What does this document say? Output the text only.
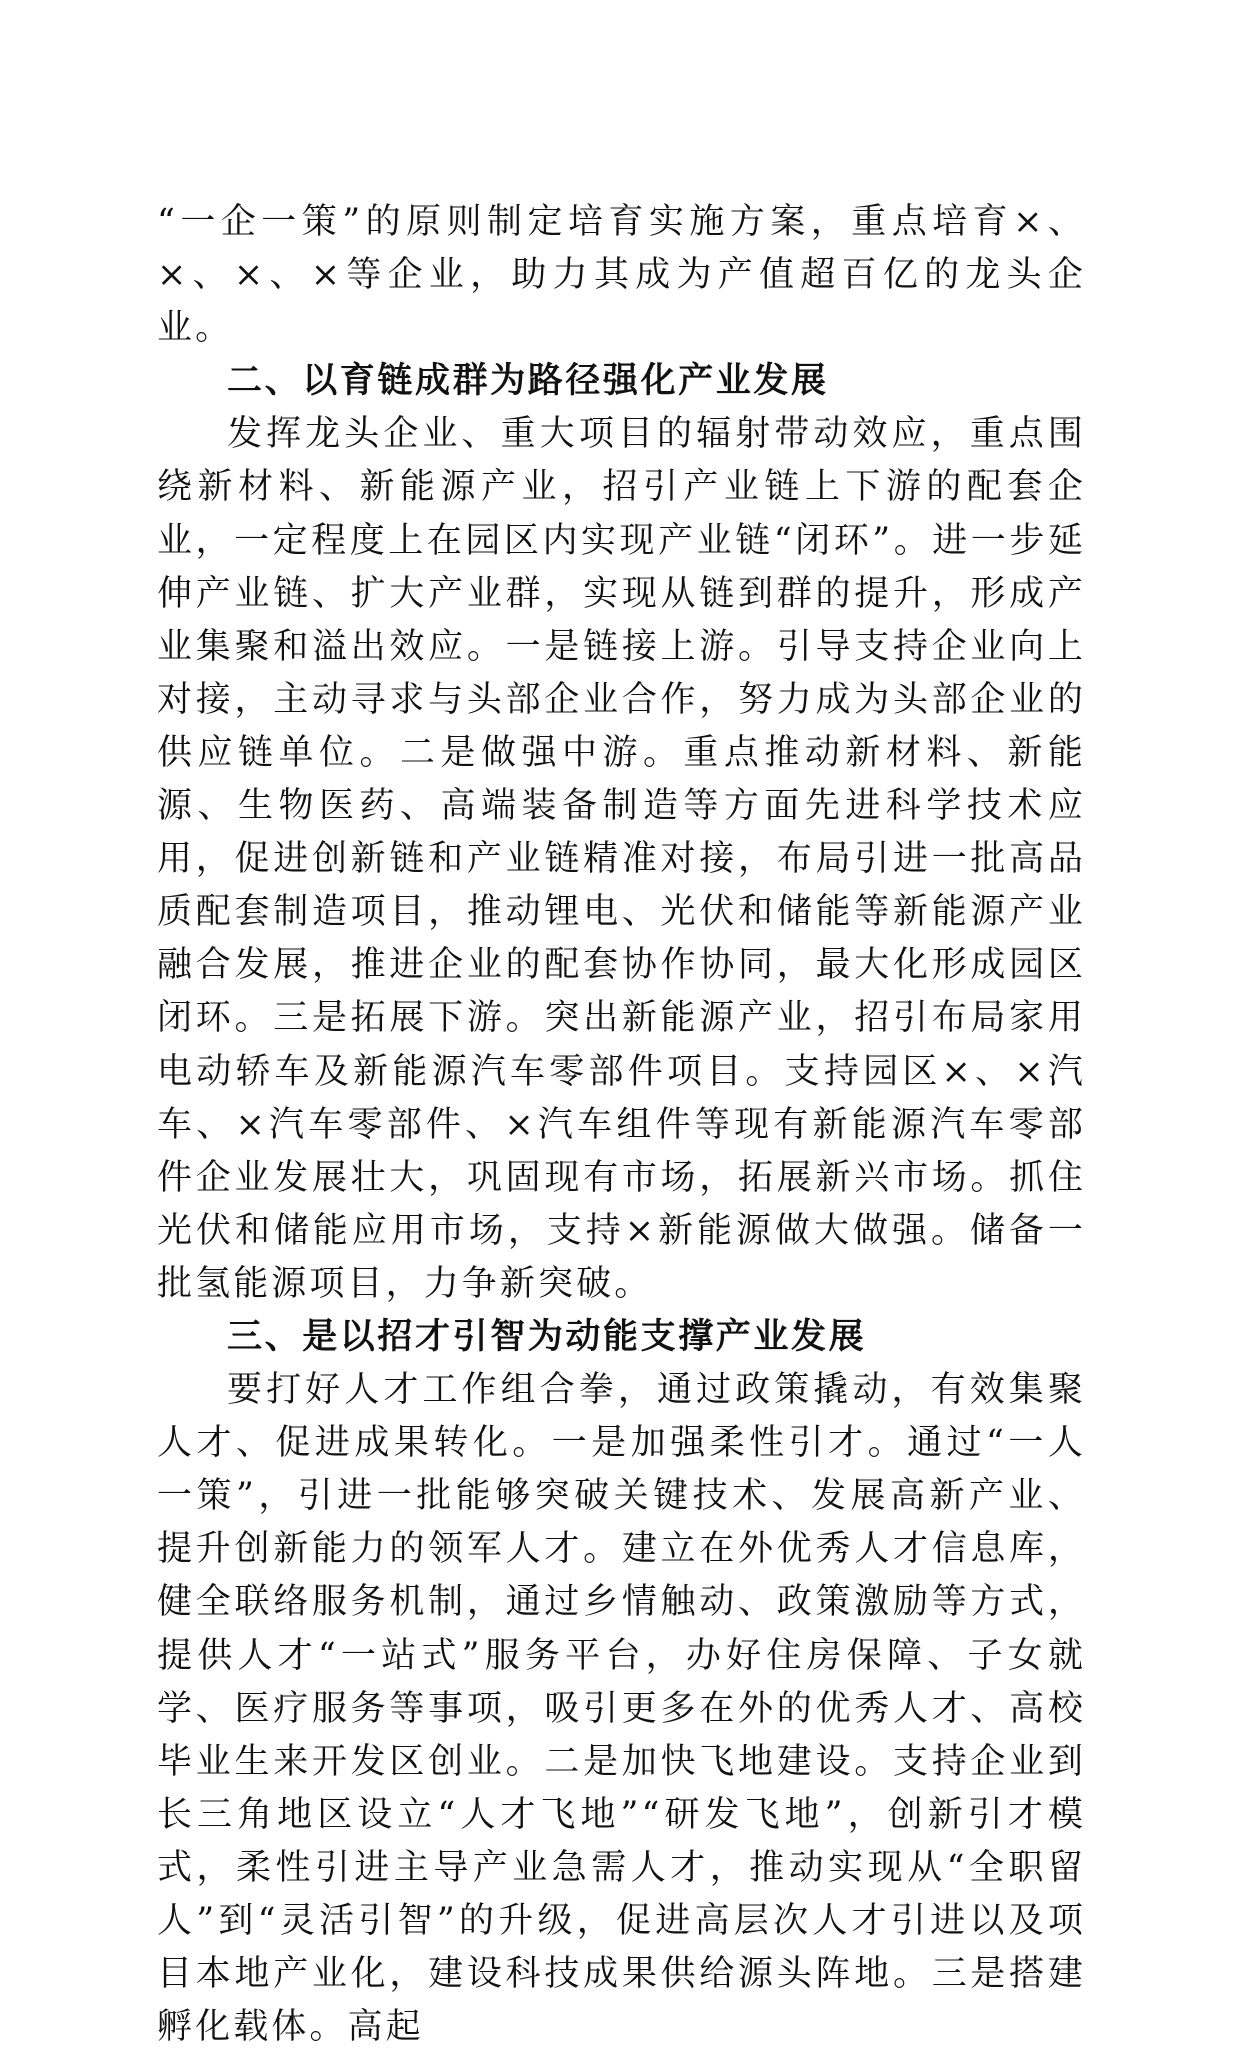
“一企一策”的原则制定培育实施方案，重点培育×、×、×、×等企业，助力其成为产值超百亿的龙头企业。

二、以育链成群为路径强化产业发展

发挥龙头企业、重大项目的辐射带动效应，重点围绕新材料、新能源产业，招引产业链上下游的配套企业，一定程度上在园区内实现产业链“闭环”。进一步延伸产业链、扩大产业群，实现从链到群的提升，形成产业集聚和溢出效应。一是链接上游。引导支持企业向上对接，主动寻求与头部企业合作，努力成为头部企业的供应链单位。二是做强中游。重点推动新材料、新能源、生物医药、高端装备制造等方面先进科学技术应用，促进创新链和产业链精准对接，布局引进一批高品质配套制造项目，推动锂电、光伏和储能等新能源产业融合发展，推进企业的配套协作协同，最大化形成园区闭环。三是拓展下游。突出新能源产业，招引布局家用电动轿车及新能源汽车零部件项目。支持园区×、×汽车、×汽车零部件、×汽车组件等现有新能源汽车零部件企业发展壮大，巩固现有市场，拓展新兴市场。抓住光伏和储能应用市场，支持×新能源做大做强。储备一批氢能源项目，力争新突破。

三、是以招才引智为动能支撑产业发展

要打好人才工作组合拳，通过政策撬动，有效集聚人才、促进成果转化。一是加强柔性引才。通过“一人一策”，引进一批能够突破关键技术、发展高新产业、提升创新能力的领军人才。建立在外优秀人才信息库，健全联络服务机制，通过乡情触动、政策激励等方式，提供人才“一站式”服务平台，办好住房保障、子女就学、医疗服务等事项，吸引更多在外的优秀人才、高校毕业生来开发区创业。二是加快飞地建设。支持企业到长三角地区设立“人才飞地”“研发飞地”，创新引才模式，柔性引进主导产业急需人才，推动实现从“全职留人”到“灵活引智”的升级，促进高层次人才引进以及项目本地产业化，建设科技成果供给源头阵地。三是搭建孵化载体。高起
